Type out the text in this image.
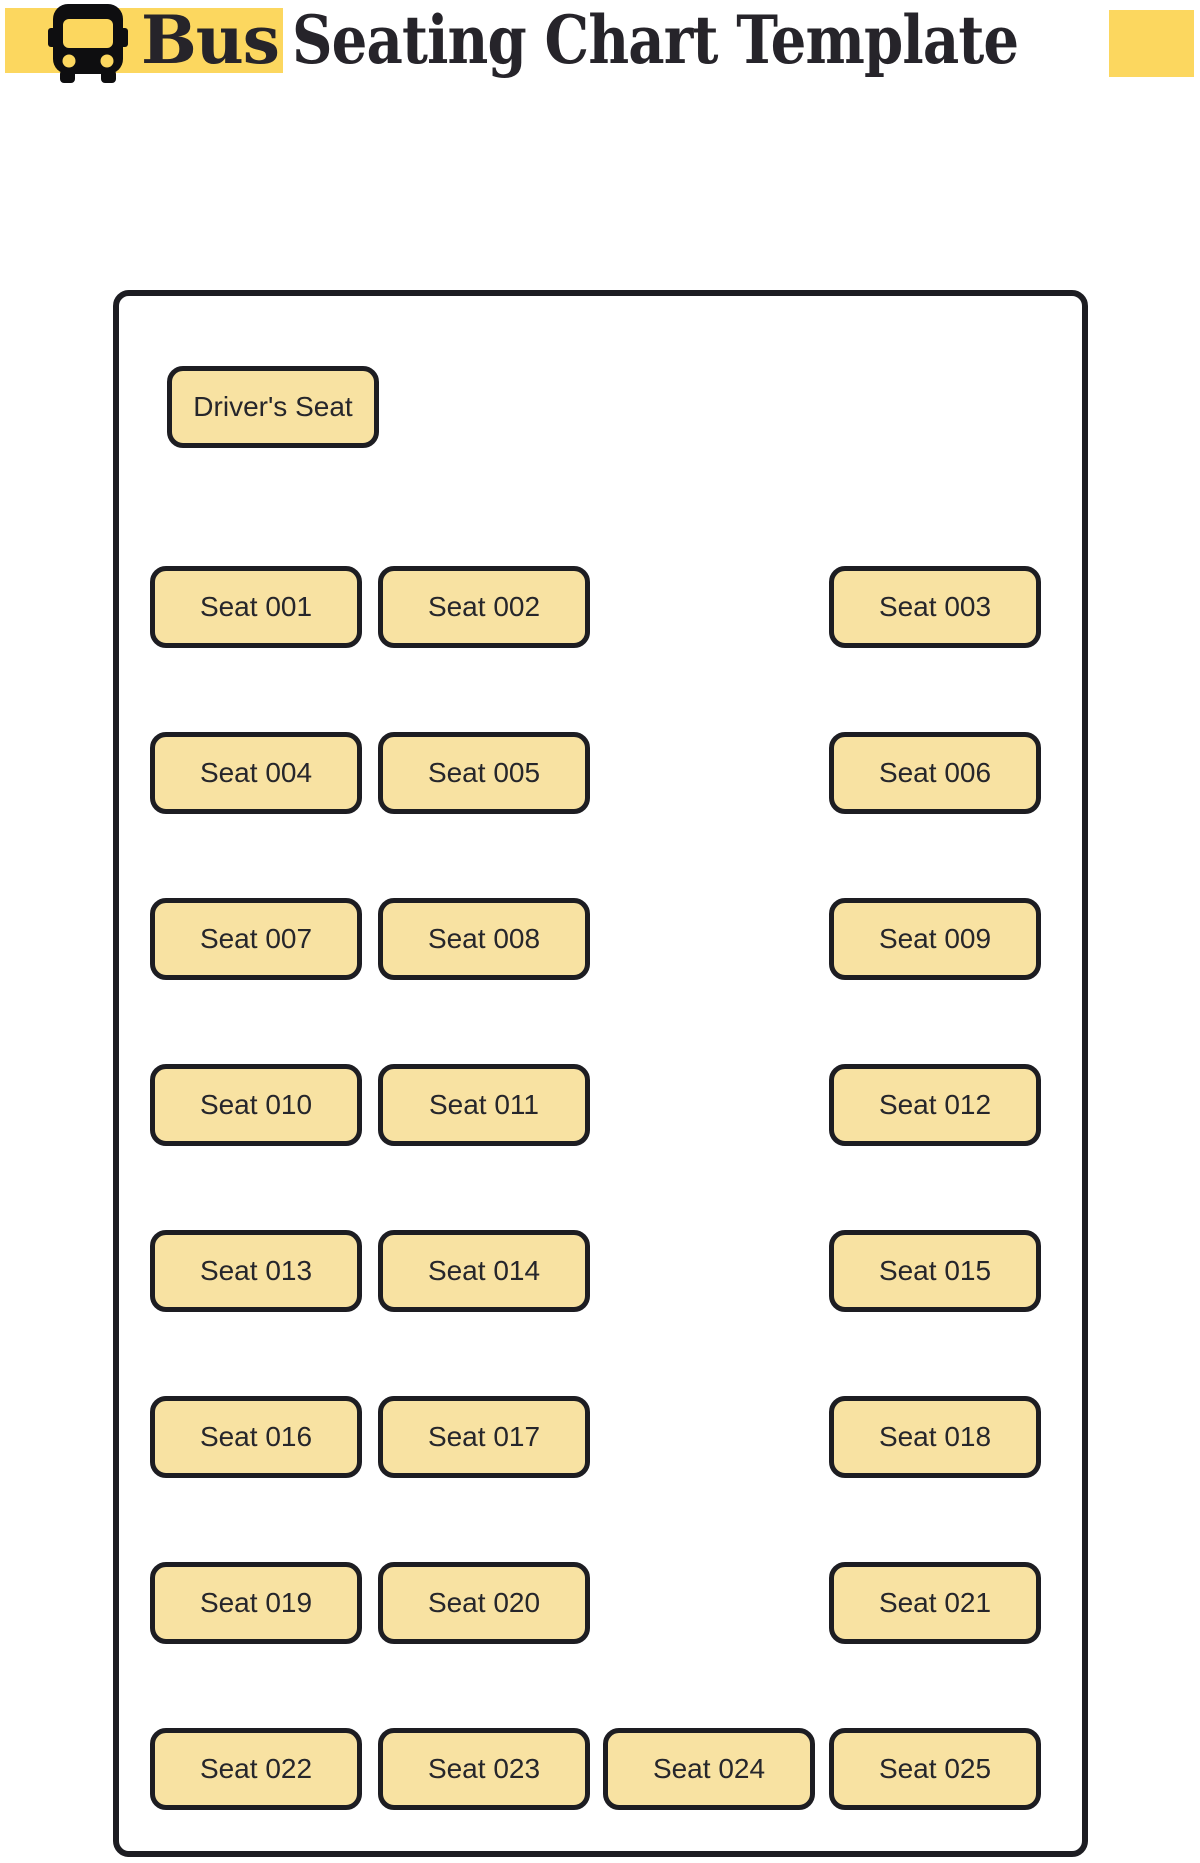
Bus Seating Chart Template
Driver's Seat
Seat 001	Seat 002	Seat 003
Seat 004	Seat 005	Seat 006
Seat 007	Seat 008	Seat 009
Seat 010	Seat 011	Seat 012
Seat 013	Seat 014	Seat 015
Seat 016	Seat 017	Seat 018
Seat 019	Seat 020	Seat 021
Seat 022	Seat 023	Seat 024	Seat 025
